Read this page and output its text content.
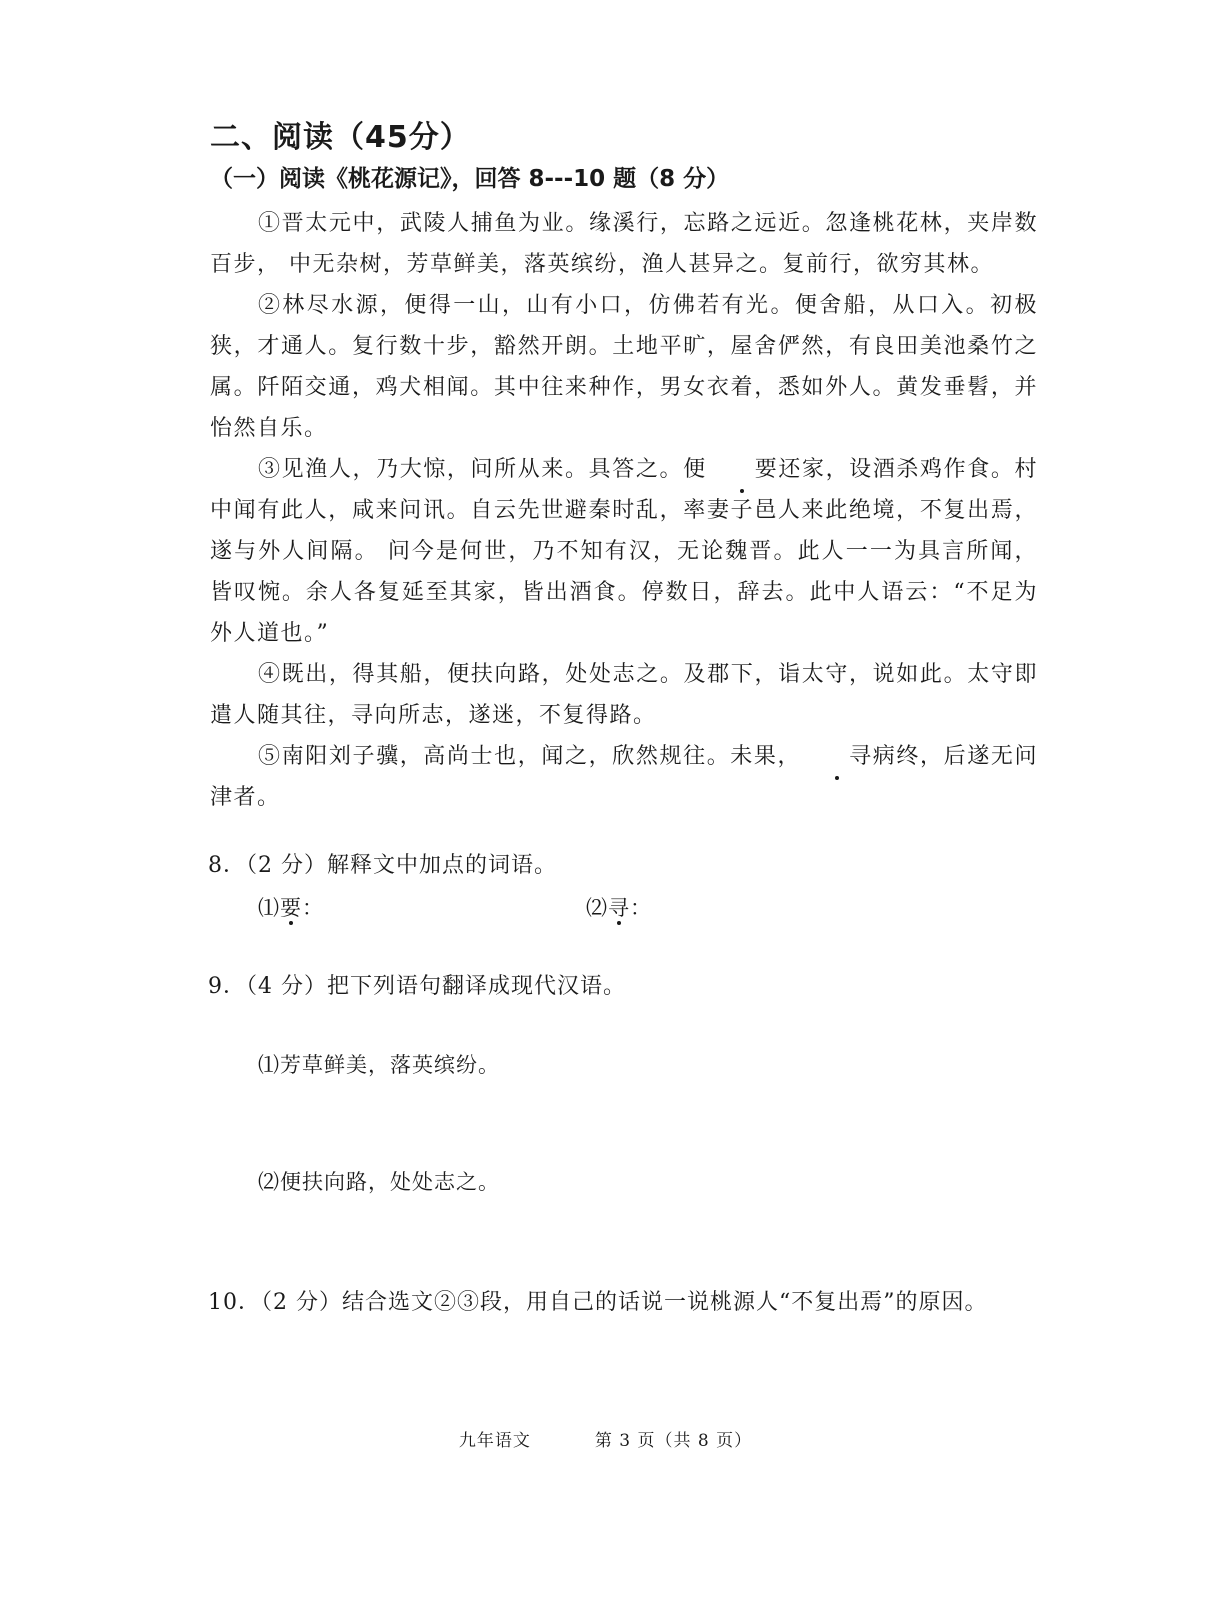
二、阅读（45分）
（一）阅读《桃花源记》，回答 8---10 题（8 分）

①晋太元中，武陵人捕鱼为业。缘溪行，忘路之远近。忽逢桃花林，夹岸数百步， 中无杂树，芳草鲜美，落英缤纷，渔人甚异之。复前行，欲穷其林。

②林尽水源，便得一山，山有小口，仿佛若有光。便舍船，从口入。初极狭，才通人。复行数十步，豁然开朗。土地平旷，屋舍俨然，有良田美池桑竹之属。阡陌交通，鸡犬相闻。其中往来种作，男女衣着，悉如外人。黄发垂髫，并怡然自乐。

③见渔人，乃大惊，问所从来。具答之。便 要还家，设酒杀鸡作食。村中闻有此人，咸来问讯。自云先世避秦时乱，率妻子邑人来此绝境，不复出焉，遂与外人间隔。 问今是何世，乃不知有汉，无论魏晋。此人一一为具言所闻，皆叹惋。余人各复延至其家，皆出酒食。停数日，辞去。此中人语云：“不足为外人道也。”

④既出，得其船，便扶向路，处处志之。及郡下，诣太守，说如此。太守即遣人随其往，寻向所志，遂迷，不复得路。

⑤南阳刘子骥，高尚士也，闻之，欣然规往。未果， 寻病终，后遂无问津者。

8．（2 分）解释文中加点的词语。
⑴要：	⑵寻：
9．（4 分）把下列语句翻译成现代汉语。
⑴芳草鲜美，落英缤纷。
⑵便扶向路，处处志之。
10．（2 分）结合选文②③段，用自己的话说一说桃源人“不复出焉”的原因。
九年语文	第 3 页（共 8 页）
